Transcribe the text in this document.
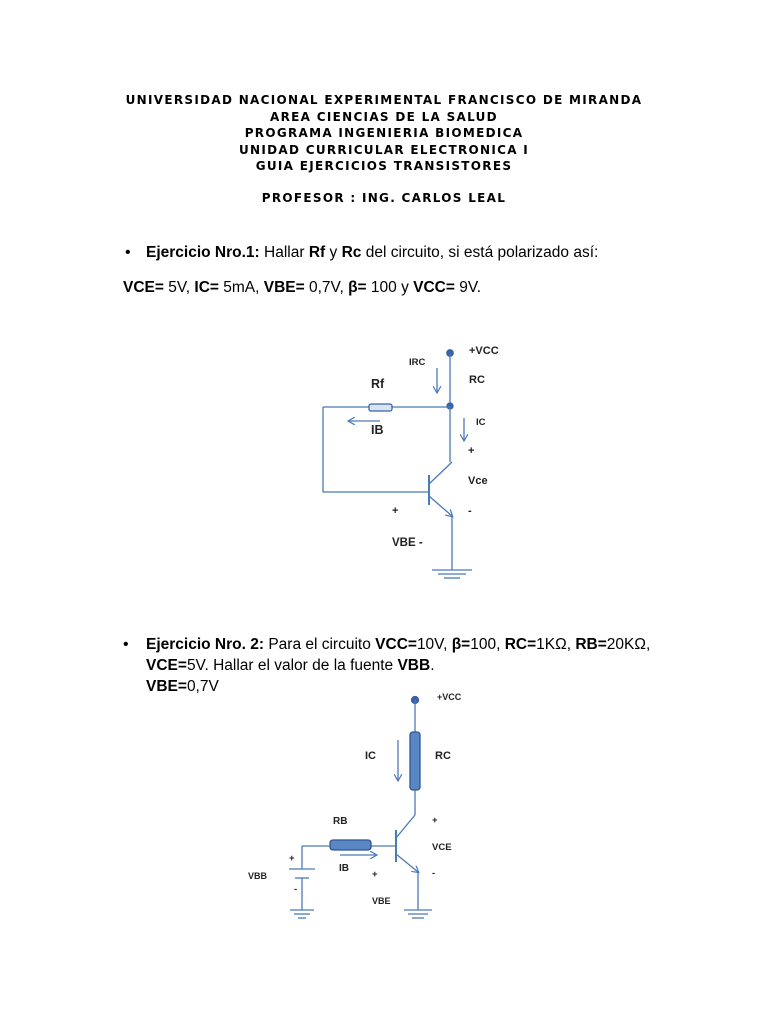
UNIVERSIDAD NACIONAL EXPERIMENTAL FRANCISCO DE MIRANDA
AREA CIENCIAS DE LA SALUD
PROGRAMA INGENIERIA BIOMEDICA
UNIDAD CURRICULAR ELECTRONICA I
GUIA EJERCICIOS TRANSISTORES
PROFESOR : ING. CARLOS LEAL
• Ejercicio Nro.1: Hallar Rf y Rc del circuito, si está polarizado así:
VCE= 5V, IC= 5mA, VBE= 0,7V, β= 100 y VCC= 9V.
• Ejercicio Nro. 2: Para el circuito VCC=10V, β=100, RC=1KΩ, RB=20KΩ,
VCE=5V. Hallar el valor de la fuente VBB.
VBE=0,7V
+VCC
IRC
RC
Rf
IB
IC
+
Vce
-
+
VBE -
+VCC
IC	RC
RB
IB
+
VCE
-
+
VBB
-
+
VBE
